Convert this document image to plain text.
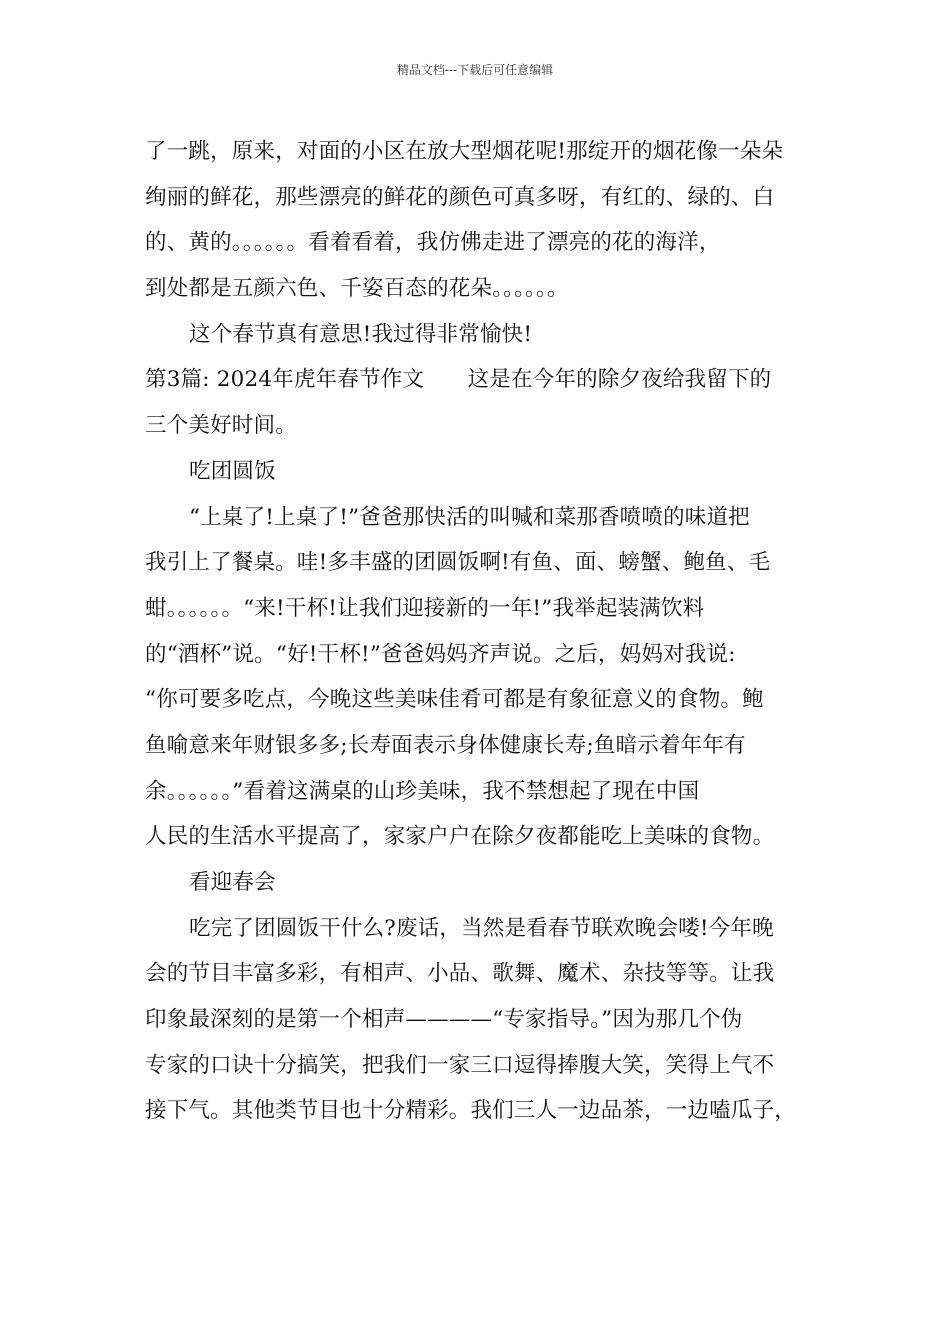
精品文档---下载后可任意编辑
了一跳，原来，对面的小区在放大型烟花呢!那绽开的烟花像一朵朵
绚丽的鲜花，那些漂亮的鲜花的颜色可真多呀，有红的、绿的、白
的、黄的。。。。。。看着看着，我仿佛走进了漂亮的花的海洋，
到处都是五颜六色、千姿百态的花朵。。。。。。
这个春节真有意思!我过得非常愉快!
第3篇: 2024年虎年春节作文　　这是在今年的除夕夜给我留下的
三个美好时间。
吃团圆饭
“上桌了!上桌了!”爸爸那快活的叫喊和菜那香喷喷的味道把
我引上了餐桌。哇!多丰盛的团圆饭啊!有鱼、面、螃蟹、鲍鱼、毛
蚶。。。。。。“来!干杯!让我们迎接新的一年!”我举起装满饮料
的“酒杯”说。“好!干杯!”爸爸妈妈齐声说。之后，妈妈对我说:
“你可要多吃点，今晚这些美味佳肴可都是有象征意义的食物。鲍
鱼喻意来年财银多多;长寿面表示身体健康长寿;鱼暗示着年年有
余。。。。。。”看着这满桌的山珍美味，我不禁想起了现在中国
人民的生活水平提高了，家家户户在除夕夜都能吃上美味的食物。
看迎春会
吃完了团圆饭干什么?废话，当然是看春节联欢晚会喽!今年晚
会的节目丰富多彩，有相声、小品、歌舞、魔术、杂技等等。让我
印象最深刻的是第一个相声————“专家指导。”因为那几个伪
专家的口诀十分搞笑，把我们一家三口逗得捧腹大笑，笑得上气不
接下气。其他类节目也十分精彩。我们三人一边品茶，一边嗑瓜子，
